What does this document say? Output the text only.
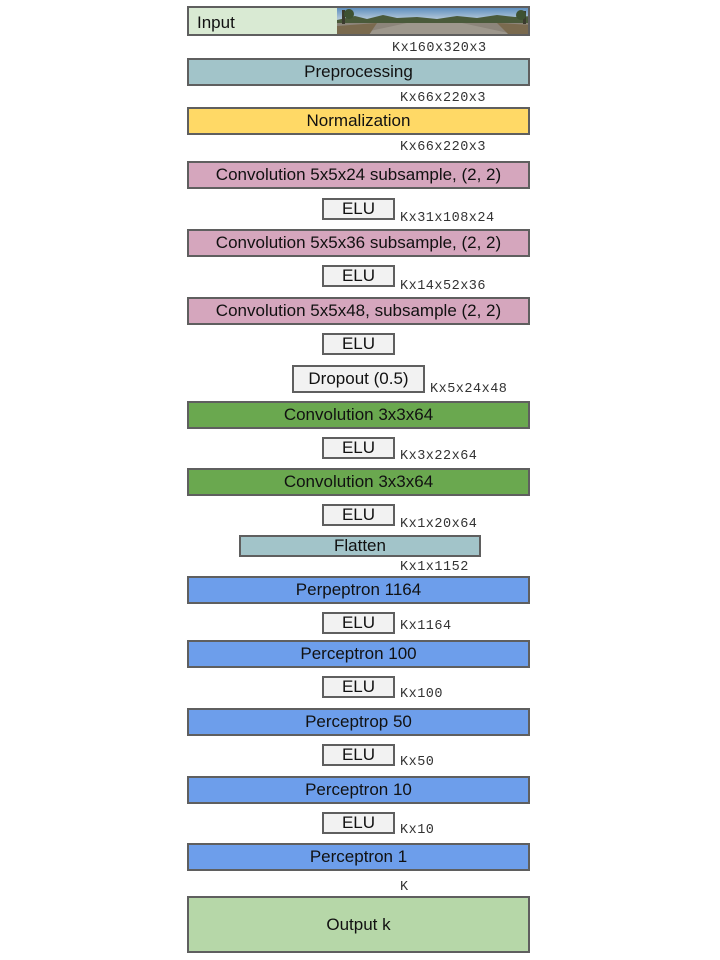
Input
Kx160x320x3
Preprocessing
Kx66x220x3
Normalization
Kx66x220x3
Convolution 5x5x24 subsample, (2, 2)
ELU
Kx31x108x24
Convolution 5x5x36 subsample, (2, 2)
ELU
Kx14x52x36
Convolution 5x5x48, subsample (2, 2)
ELU
Dropout (0.5)
Kx5x24x48
Convolution 3x3x64
ELU	Kx3x22x64
Convolution 3x3x64
ELU
Kx1x20x64
Flatten
Kx1x1152
Perpeptron 1164
ELU	Kx1164
Perceptron 100
ELU	Kx100
Perceptrop 50
ELU	Kx50
Perceptron 10
ELU	Kx10
Perceptron 1
K
Output k
